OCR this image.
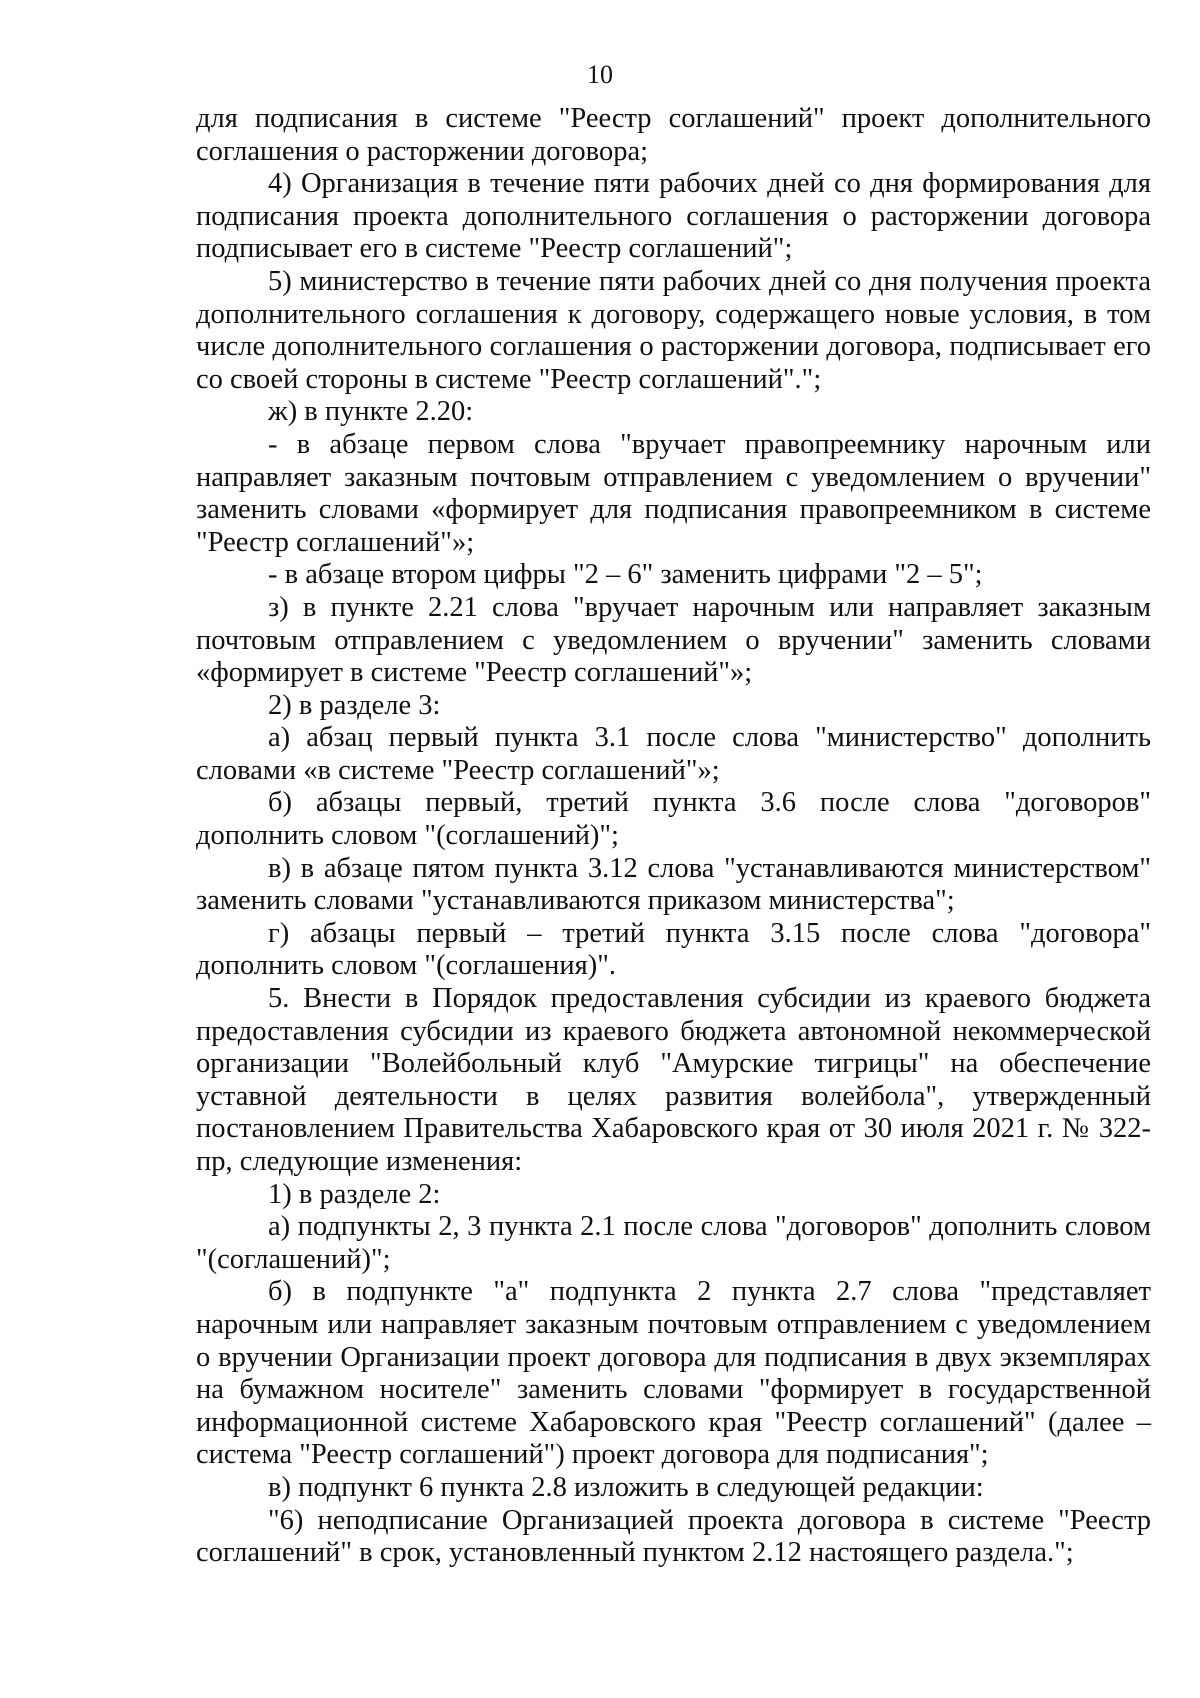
10

для подписания в системе "Реестр соглашений" проект дополнительного соглашения о расторжении договора;

4) Организация в течение пяти рабочих дней со дня формирования для подписания проекта дополнительного соглашения о расторжении договора подписывает его в системе "Реестр соглашений";

5) министерство в течение пяти рабочих дней со дня получения проекта дополнительного соглашения к договору, содержащего новые условия, в том числе дополнительного соглашения о расторжении договора, подписывает его со своей стороны в системе "Реестр соглашений".";

ж) в пункте 2.20:

- в абзаце первом слова "вручает правопреемнику нарочным или направляет заказным почтовым отправлением с уведомлением о вручении" заменить словами «формирует для подписания правопреемником в системе "Реестр соглашений"»;

- в абзаце втором цифры "2 – 6" заменить цифрами "2 – 5";

з) в пункте 2.21 слова "вручает нарочным или направляет заказным почтовым отправлением с уведомлением о вручении" заменить словами «формирует в системе "Реестр соглашений"»;

2) в разделе 3:

а) абзац первый пункта 3.1 после слова "министерство" дополнить словами «в системе "Реестр соглашений"»;

б) абзацы первый, третий пункта 3.6 после слова "договоров" дополнить словом "(соглашений)";

в) в абзаце пятом пункта 3.12 слова "устанавливаются министерством" заменить словами "устанавливаются приказом министерства";

г) абзацы первый – третий пункта 3.15 после слова "договора" дополнить словом "(соглашения)".

5. Внести в Порядок предоставления субсидии из краевого бюджета предоставления субсидии из краевого бюджета автономной некоммерческой организации "Волейбольный клуб "Амурские тигрицы" на обеспечение уставной деятельности в целях развития волейбола", утвержденный постановлением Правительства Хабаровского края от 30 июля 2021 г. № 322-пр, следующие изменения:

1) в разделе 2:

а) подпункты 2, 3 пункта 2.1 после слова "договоров" дополнить словом "(соглашений)";

б) в подпункте "а" подпункта 2 пункта 2.7 слова "представляет нарочным или направляет заказным почтовым отправлением с уведомлением о вручении Организации проект договора для подписания в двух экземплярах на бумажном носителе" заменить словами "формирует в государственной информационной системе Хабаровского края "Реестр соглашений" (далее – система "Реестр соглашений") проект договора для подписания";

в) подпункт 6 пункта 2.8 изложить в следующей редакции:

"6) неподписание Организацией проекта договора в системе "Реестр соглашений" в срок, установленный пунктом 2.12 настоящего раздела.";
